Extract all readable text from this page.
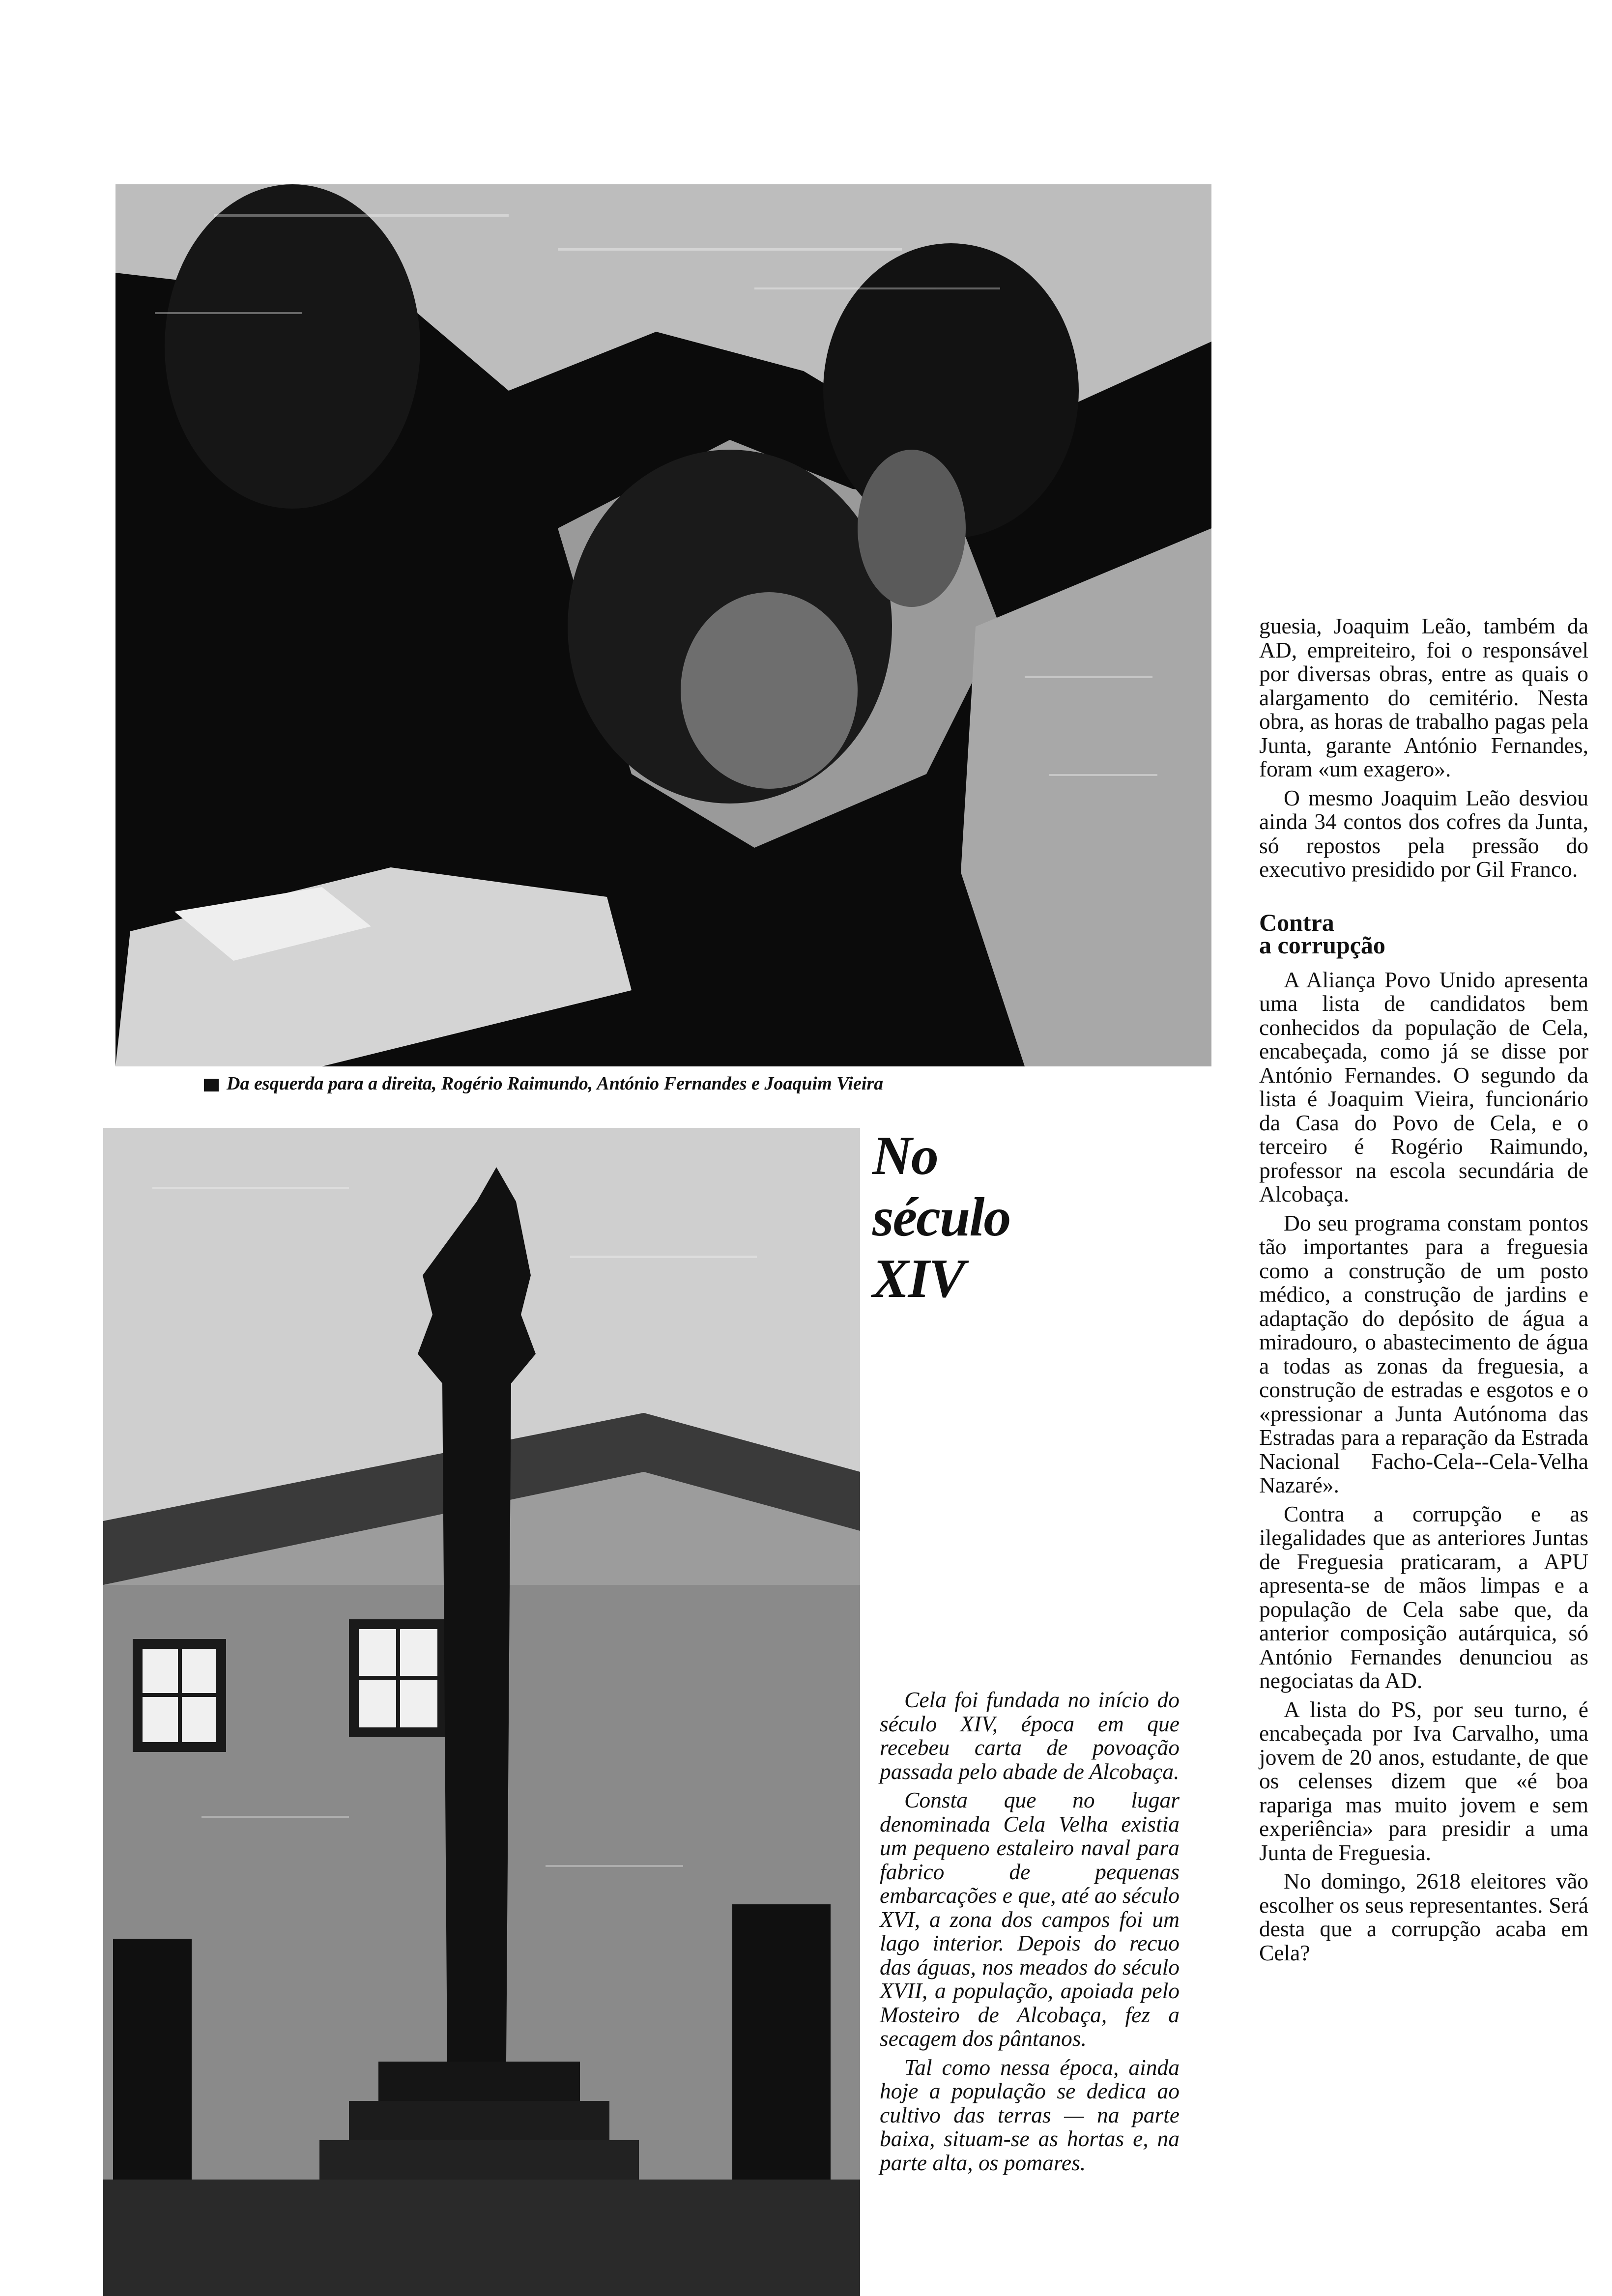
Da esquerda para a direita, Rogério Raimundo, António Fernandes e Joaquim Vieira
No
século
XIV

Cela foi fundada no início do século XIV, época em que recebeu carta de povoação passada pelo abade de Alcobaça.

Consta que no lugar denominada Cela Velha existia um pequeno estaleiro naval para fabrico de pequenas embarcações e que, até ao século XVI, a zona dos campos foi um lago interior. Depois do recuo das águas, nos meados do século XVII, a população, apoiada pelo Mosteiro de Alcobaça, fez a secagem dos pântanos.

Tal como nessa época, ainda hoje a população se dedica ao cultivo das terras — na parte baixa, situam-se as hortas e, na parte alta, os pomares.

guesia, Joaquim Leão, também da AD, empreiteiro, foi o responsável por diversas obras, entre as quais o alargamento do cemitério. Nesta obra, as horas de trabalho pagas pela Junta, garante António Fernandes, foram «um exagero».

O mesmo Joaquim Leão desviou ainda 34 contos dos cofres da Junta, só repostos pela pressão do executivo presidido por Gil Franco.

Contra
a corrupção

A Aliança Povo Unido apresenta uma lista de candidatos bem conhecidos da população de Cela, encabeçada, como já se disse por António Fernandes. O segundo da lista é Joaquim Vieira, funcionário da Casa do Povo de Cela, e o terceiro é Rogério Raimundo, professor na escola secundária de Alcobaça.

Do seu programa constam pontos tão importantes para a freguesia como a construção de um posto médico, a construção de jardins e adaptação do depósito de água a miradouro, o abastecimento de água a todas as zonas da freguesia, a construção de estradas e esgotos e o «pressionar a Junta Autónoma das Estradas para a reparação da Estrada Nacional Facho-Cela--Cela-Velha Nazaré».

Contra a corrupção e as ilegalidades que as anteriores Juntas de Freguesia praticaram, a APU apresenta-se de mãos limpas e a população de Cela sabe que, da anterior composição autárquica, só António Fernandes denunciou as negociatas da AD.

A lista do PS, por seu turno, é encabeçada por Iva Carvalho, uma jovem de 20 anos, estudante, de que os celenses dizem que «é boa rapariga mas muito jovem e sem experiência» para presidir a uma Junta de Freguesia.

No domingo, 2618 eleitores vão escolher os seus representantes. Será desta que a corrupção acaba em Cela?
